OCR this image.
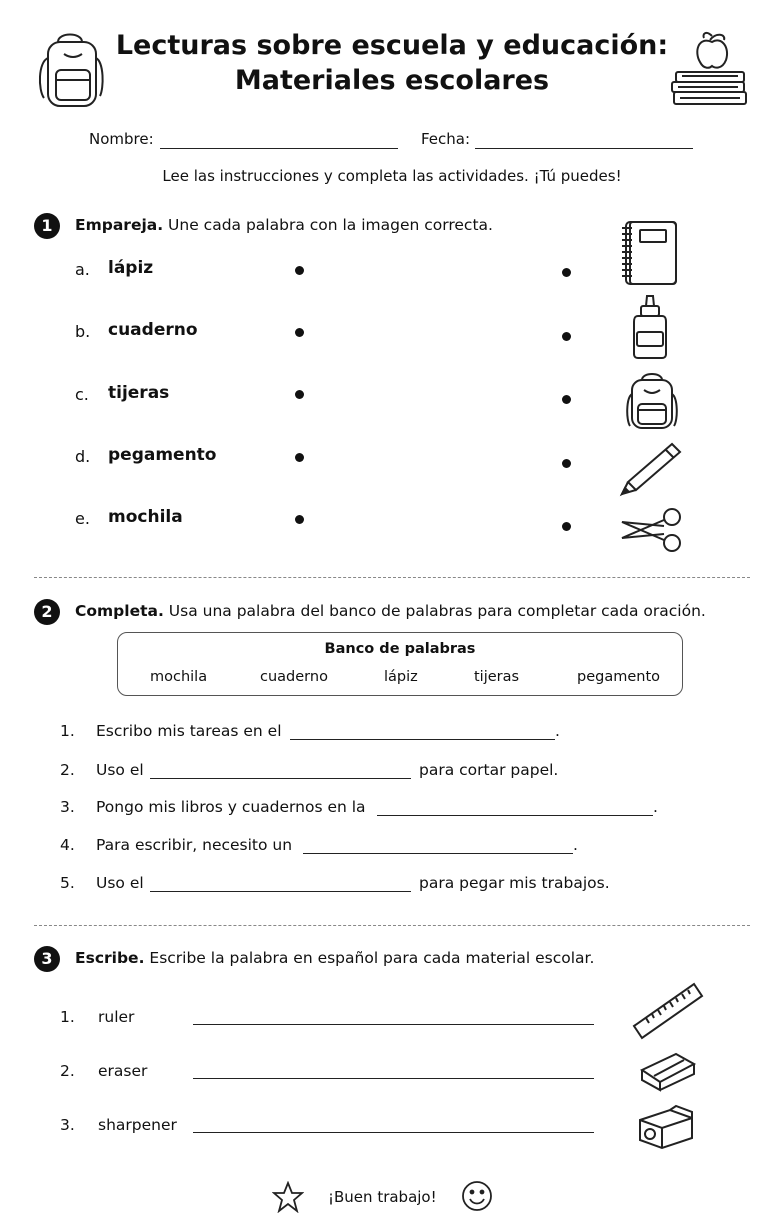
Lecturas sobre escuela y educación:
Materiales escolares
Nombre:	Fecha:
Lee las instrucciones y completa las actividades. ¡Tú puedes!
1	Empareja. Une cada palabra con la imagen correcta.
a. lápiz
b. cuaderno
c. tijeras
d. pegamento
e. mochila
2	Completa. Usa una palabra del banco de palabras para completar cada oración.
Banco de palabras
mochila	cuaderno	lápiz	tijeras	pegamento
1. Escribo mis tareas en el	.
2. Uso el	para cortar papel.
3. Pongo mis libros y cuadernos en la	.
4. Para escribir, necesito un	.
5. Uso el	para pegar mis trabajos.
3	Escribe. Escribe la palabra en español para cada material escolar.
1. ruler
2. eraser
3. sharpener
¡Buen trabajo!
